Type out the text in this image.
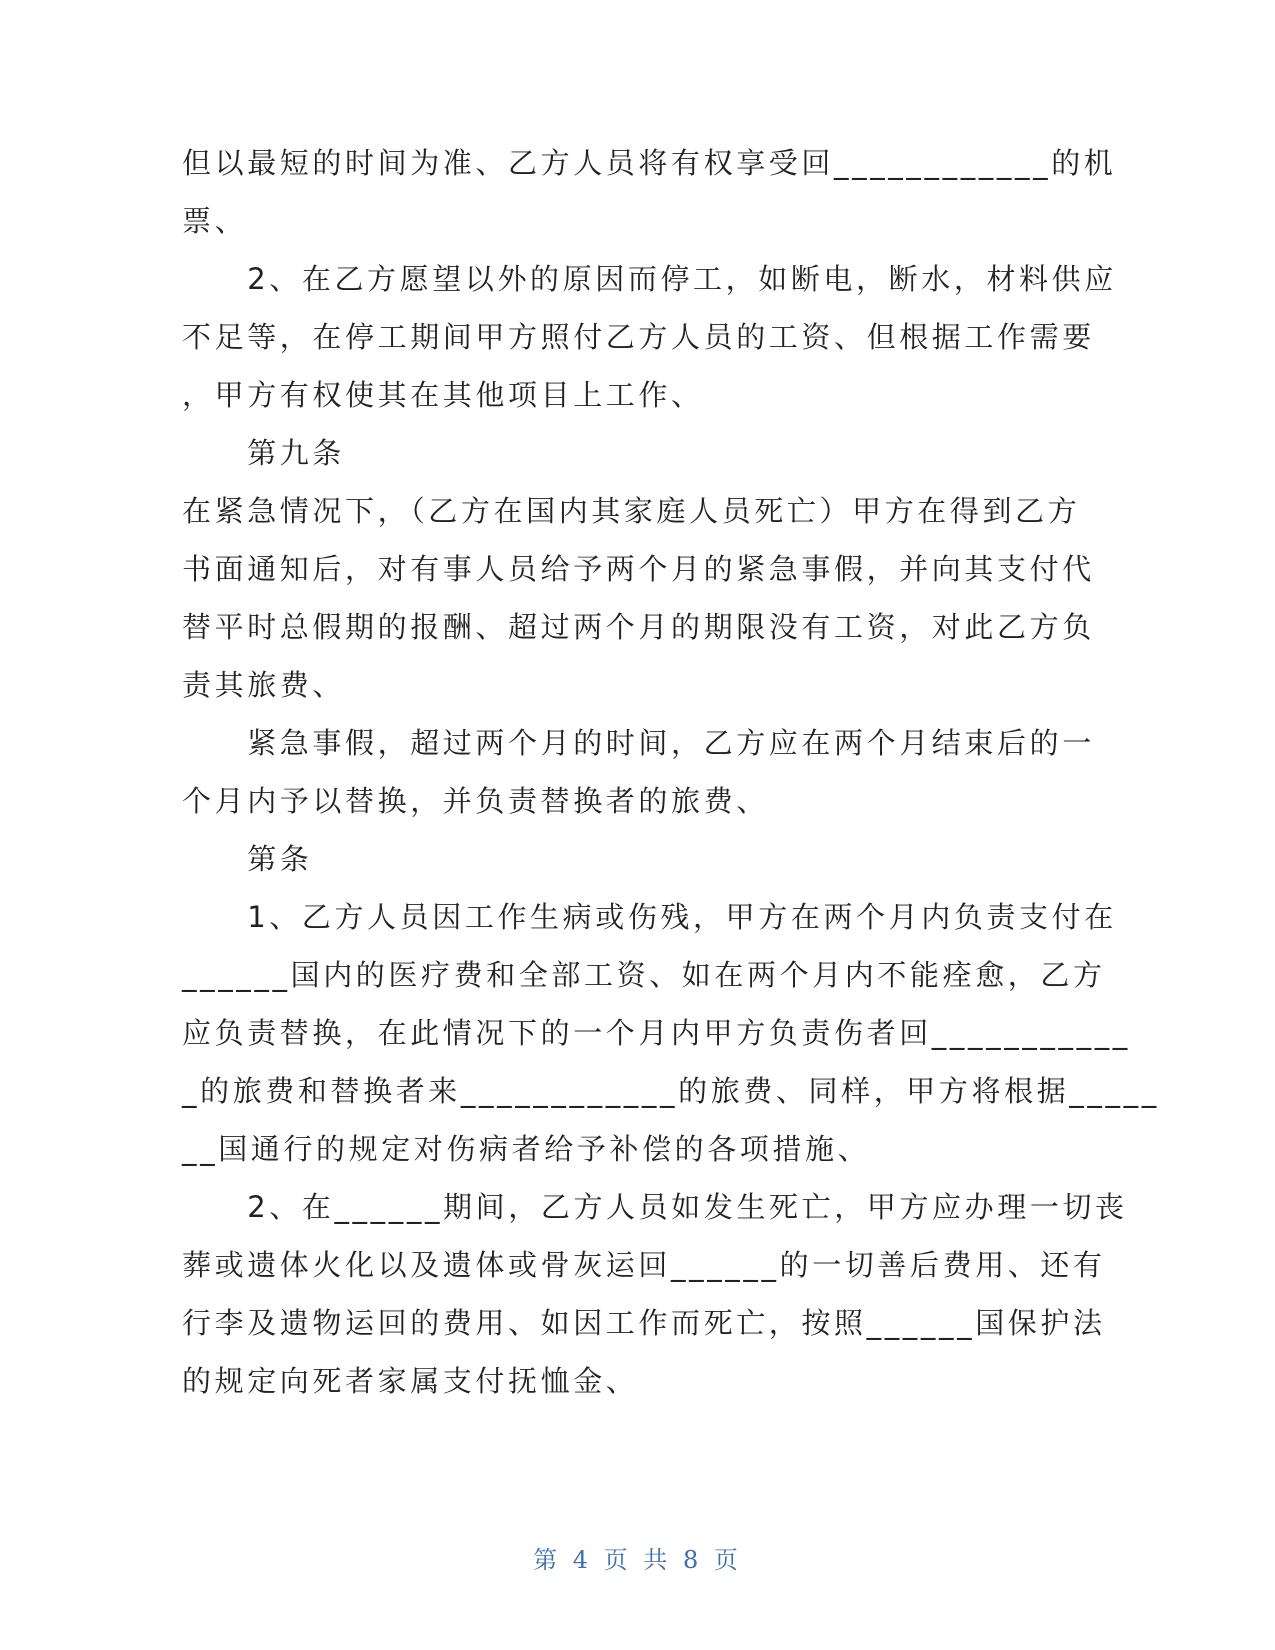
但以最短的时间为准、乙方人员将有权享受回____________的机
票、
　　2、在乙方愿望以外的原因而停工，如断电，断水，材料供应
不足等，在停工期间甲方照付乙方人员的工资、但根据工作需要
，甲方有权使其在其他项目上工作、
　　第九条
在紧急情况下，（乙方在国内其家庭人员死亡）甲方在得到乙方
书面通知后，对有事人员给予两个月的紧急事假，并向其支付代
替平时总假期的报酬、超过两个月的期限没有工资，对此乙方负
责其旅费、
　　紧急事假，超过两个月的时间，乙方应在两个月结束后的一
个月内予以替换，并负责替换者的旅费、
　　第条
　　1、乙方人员因工作生病或伤残，甲方在两个月内负责支付在
______国内的医疗费和全部工资、如在两个月内不能痊愈，乙方
应负责替换，在此情况下的一个月内甲方负责伤者回___________
_的旅费和替换者来____________的旅费、同样，甲方将根据_____
__国通行的规定对伤病者给予补偿的各项措施、
　　2、在______期间，乙方人员如发生死亡，甲方应办理一切丧
葬或遗体火化以及遗体或骨灰运回______的一切善后费用、还有
行李及遗物运回的费用、如因工作而死亡，按照______国保护法
的规定向死者家属支付抚恤金、
第 4 页 共 8 页
